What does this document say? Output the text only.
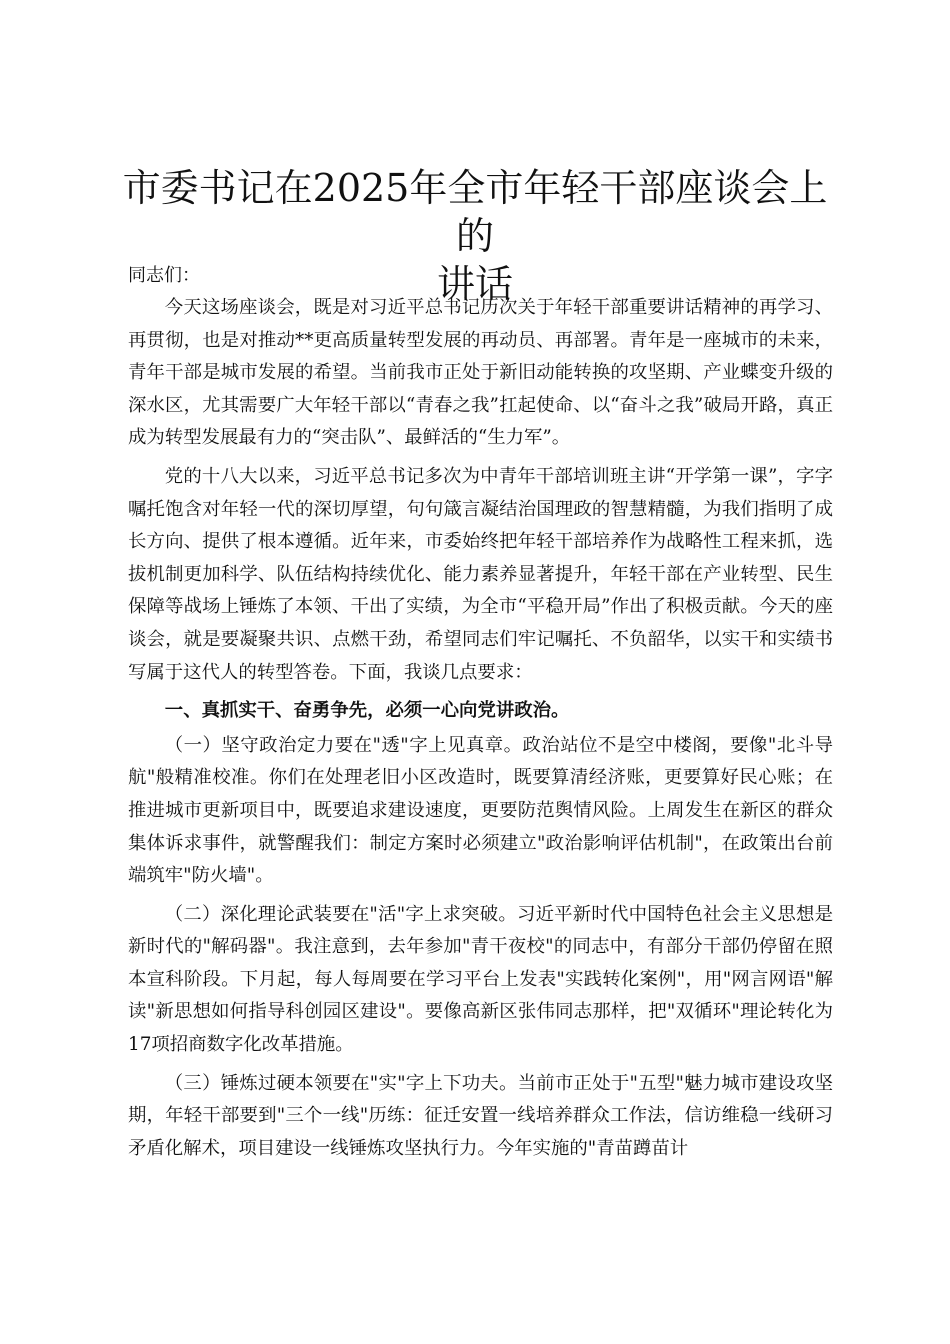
市委书记在2025年全市年轻干部座谈会上的
讲话

同志们：

今天这场座谈会，既是对习近平总书记历次关于年轻干部重要讲话精神的再学习、再贯彻，也是对推动**更高质量转型发展的再动员、再部署。青年是一座城市的未来，青年干部是城市发展的希望。当前我市正处于新旧动能转换的攻坚期、产业蝶变升级的深水区，尤其需要广大年轻干部以“青春之我”扛起使命、以“奋斗之我”破局开路，真正成为转型发展最有力的“突击队”、最鲜活的“生力军”。

党的十八大以来，习近平总书记多次为中青年干部培训班主讲“开学第一课”，字字嘱托饱含对年轻一代的深切厚望，句句箴言凝结治国理政的智慧精髓，为我们指明了成长方向、提供了根本遵循。近年来，市委始终把年轻干部培养作为战略性工程来抓，选拔机制更加科学、队伍结构持续优化、能力素养显著提升，年轻干部在产业转型、民生保障等战场上锤炼了本领、干出了实绩，为全市“平稳开局”作出了积极贡献。今天的座谈会，就是要凝聚共识、点燃干劲，希望同志们牢记嘱托、不负韶华，以实干和实绩书写属于这代人的转型答卷。下面，我谈几点要求：

一、真抓实干、奋勇争先，必须一心向党讲政治。

（一）坚守政治定力要在"透"字上见真章。政治站位不是空中楼阁，要像"北斗导航"般精准校准。你们在处理老旧小区改造时，既要算清经济账，更要算好民心账；在推进城市更新项目中，既要追求建设速度，更要防范舆情风险。上周发生在新区的群众集体诉求事件，就警醒我们：制定方案时必须建立"政治影响评估机制"，在政策出台前端筑牢"防火墙"。

（二）深化理论武装要在"活"字上求突破。习近平新时代中国特色社会主义思想是新时代的"解码器"。我注意到，去年参加"青干夜校"的同志中，有部分干部仍停留在照本宣科阶段。下月起，每人每周要在学习平台上发表"实践转化案例"，用"网言网语"解读"新思想如何指导科创园区建设"。要像高新区张伟同志那样，把"双循环"理论转化为17项招商数字化改革措施。

（三）锤炼过硬本领要在"实"字上下功夫。当前市正处于"五型"魅力城市建设攻坚期，年轻干部要到"三个一线"历练：征迁安置一线培养群众工作法，信访维稳一线研习矛盾化解术，项目建设一线锤炼攻坚执行力。今年实施的"青苗蹲苗计
